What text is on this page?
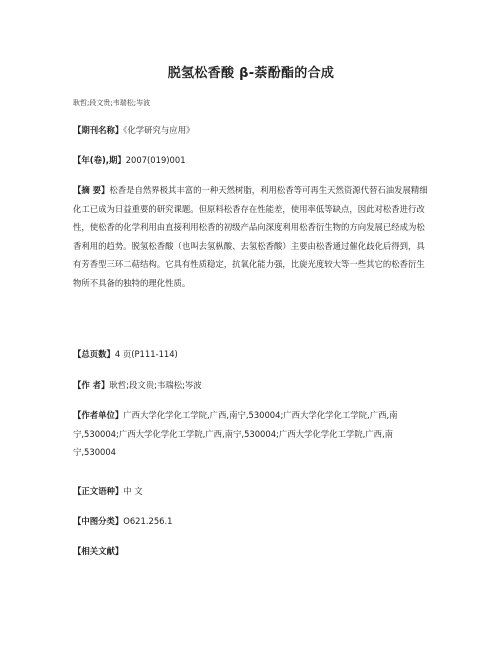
脱氢松香酸 β-萘酚酯的合成
耿哲;段文贵;韦瑞松;岑波
【期刊名称】《化学研究与应用》
【年(卷),期】2007(019)001
【摘 要】松香是自然界极其丰富的一种天然树脂，利用松香等可再生天然资源代替石油发展精细化工已成为日益重要的研究课题。但原料松香存在性能差，使用率低等缺点，因此对松香进行改性，使松香的化学利用由直接利用松香的初级产品向深度利用松香衍生物的方向发展已经成为松香利用的趋势。脱氢松香酸（也叫去氢枞酸、去氢松香酸）主要由松香通过催化歧化后得到，具有芳香型三环二萜结构。它具有性质稳定，抗氧化能力强，比旋光度较大等一些其它的松香衍生物所不具备的独特的理化性质。
【总页数】4 页(P111-114)
【作 者】耿哲;段文贵;韦瑞松;岑波
【作者单位】广西大学化学化工学院,广西,南宁,530004;广西大学化学化工学院,广西,南宁,530004;广西大学化学化工学院,广西,南宁,530004;广西大学化学化工学院,广西,南宁,530004
【正文语种】中 文
【中图分类】O621.256.1
【相关文献】
